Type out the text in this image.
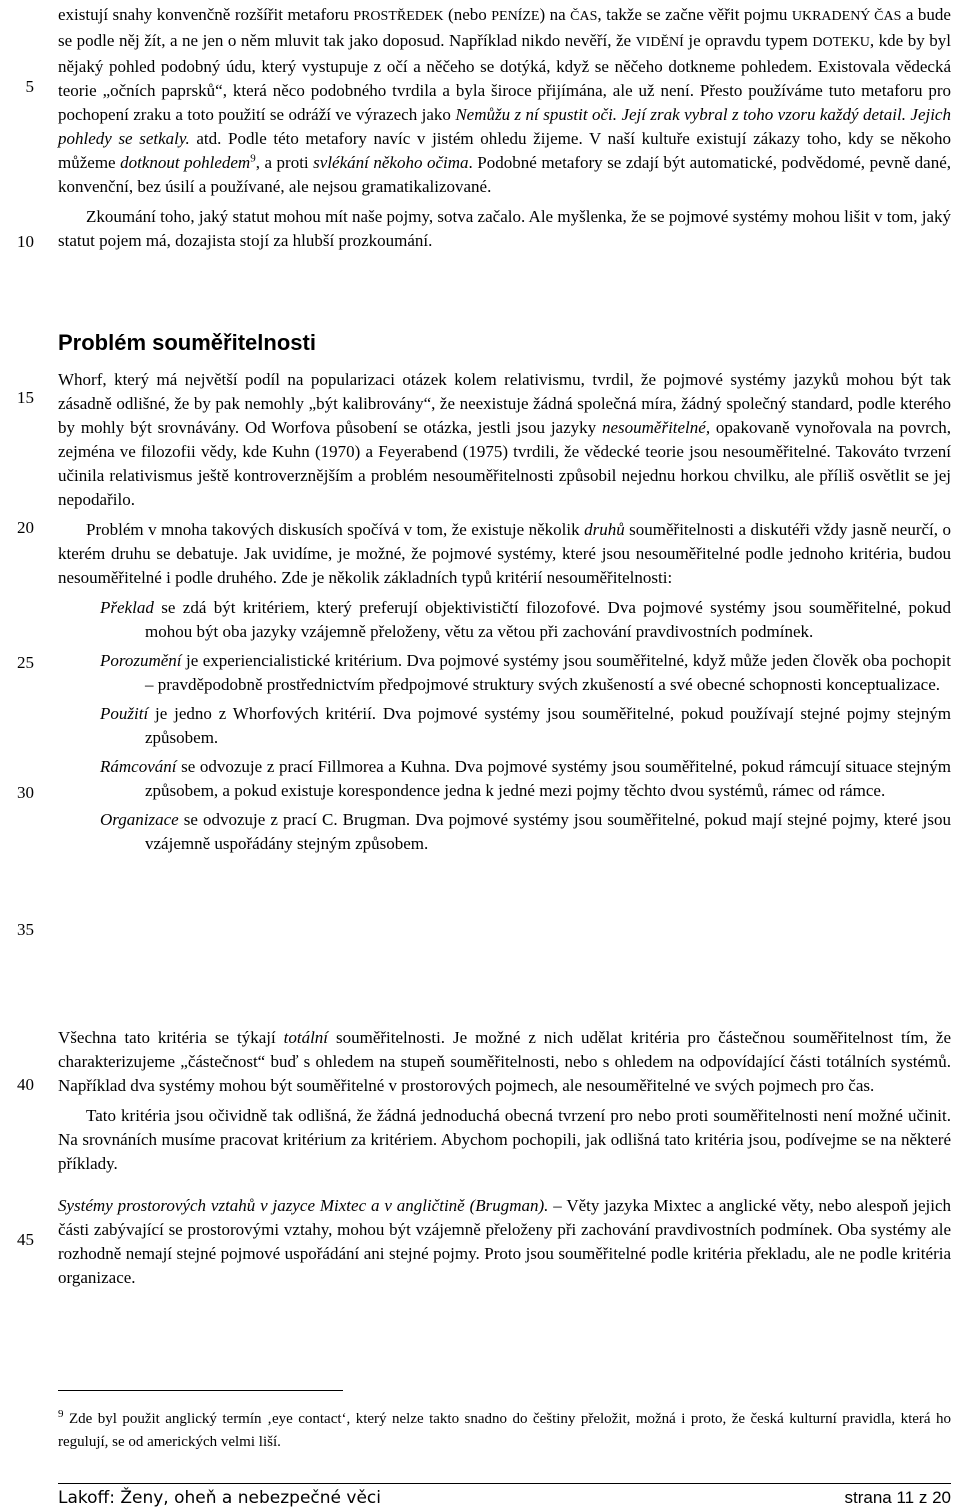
5
10
15
20
25
30
35
40
45

existují snahy konvenčně rozšířit metaforu PROSTŘEDEK (nebo PENÍZE) na ČAS, takže se začne věřit pojmu UKRADENÝ ČAS a bude se podle něj žít, a ne jen o něm mluvit tak jako doposud. Například nikdo nevěří, že VIDĚNÍ je opravdu typem DOTEKU, kde by byl nějaký pohled podobný údu, který vystupuje z očí a něčeho se dotýká, když se něčeho dotkneme pohledem. Existovala vědecká teorie „očních paprsků“, která něco podobného tvrdila a byla široce přijímána, ale už není. Přesto používáme tuto metaforu pro pochopení zraku a toto použití se odráží ve výrazech jako Nemůžu z ní spustit oči. Její zrak vybral z toho vzoru každý detail. Jejich pohledy se setkaly. atd. Podle této metafory navíc v jistém ohledu žijeme. V naší kultuře existují zákazy toho, kdy se někoho můžeme dotknout pohledem$^9$, a proti svlékání někoho očima. Podobné metafory se zdají být automatické, podvědomé, pevně dané, konvenční, bez úsilí a používané, ale nejsou gramatikalizované.

Zkoumání toho, jaký statut mohou mít naše pojmy, sotva začalo. Ale myšlenka, že se pojmové systémy mohou lišit v tom, jaký statut pojem má, dozajista stojí za hlubší prozkoumání.

Problém souměřitelnosti

Whorf, který má největší podíl na popularizaci otázek kolem relativismu, tvrdil, že pojmové systémy jazyků mohou být tak zásadně odlišné, že by pak nemohly „být kalibrovány“, že neexistuje žádná společná míra, žádný společný standard, podle kterého by mohly být srovnávány. Od Worfova působení se otázka, jestli jsou jazyky nesouměřitelné, opakovaně vynořovala na povrch, zejména ve filozofii vědy, kde Kuhn (1970) a Feyerabend (1975) tvrdili, že vědecké teorie jsou nesouměřitelné. Takováto tvrzení učinila relativismus ještě kontroverznějším a problém nesouměřitelnosti způsobil nejednu horkou chvilku, ale příliš osvětlit se jej nepodařilo.

Problém v mnoha takových diskusích spočívá v tom, že existuje několik druhů souměřitelnosti a diskutéři vždy jasně neurčí, o kterém druhu se debatuje. Jak uvidíme, je možné, že pojmové systémy, které jsou nesouměřitelné podle jednoho kritéria, budou nesouměřitelné i podle druhého. Zde je několik základních typů kritérií nesouměřitelnosti:

Překlad se zdá být kritériem, který preferují objektivističtí filozofové. Dva pojmové systémy jsou souměřitelné, pokud mohou být oba jazyky vzájemně přeloženy, větu za větou při zachování pravdivostních podmínek.

Porozumění je experiencialistické kritérium. Dva pojmové systémy jsou souměřitelné, když může jeden člověk oba pochopit – pravděpodobně prostřednictvím předpojmové struktury svých zkušeností a své obecné schopnosti konceptualizace.

Použití je jedno z Whorfových kritérií. Dva pojmové systémy jsou souměřitelné, pokud používají stejné pojmy stejným způsobem.

Rámcování se odvozuje z prací Fillmorea a Kuhna. Dva pojmové systémy jsou souměřitelné, pokud rámcují situace stejným způsobem, a pokud existuje korespondence jedna k jedné mezi pojmy těchto dvou systémů, rámec od rámce.

Organizace se odvozuje z prací C. Brugman. Dva pojmové systémy jsou souměřitelné, pokud mají stejné pojmy, které jsou vzájemně uspořádány stejným způsobem.

Všechna tato kritéria se týkají totální souměřitelnosti. Je možné z nich udělat kritéria pro částečnou souměřitelnost tím, že charakterizujeme „částečnost“ buď s ohledem na stupeň souměřitelnosti, nebo s ohledem na odpovídající části totálních systémů. Například dva systémy mohou být souměřitelné v prostorových pojmech, ale nesouměřitelné ve svých pojmech pro čas.

Tato kritéria jsou očividně tak odlišná, že žádná jednoduchá obecná tvrzení pro nebo proti souměřitelnosti není možné učinit. Na srovnáních musíme pracovat kritérium za kritériem. Abychom pochopili, jak odlišná tato kritéria jsou, podívejme se na některé příklady.

Systémy prostorových vztahů v jazyce Mixtec a v angličtině (Brugman). – Věty jazyka Mixtec a anglické věty, nebo alespoň jejich části zabývající se prostorovými vztahy, mohou být vzájemně přeloženy při zachování pravdivostních podmínek. Oba systémy ale rozhodně nemají stejné pojmové uspořádání ani stejné pojmy. Proto jsou souměřitelné podle kritéria překladu, ale ne podle kritéria organizace.

$^9$ Zde byl použit anglický termín ‚eye contact‘, který nelze takto snadno do češtiny přeložit, možná i proto, že česká kulturní pravidla, která ho regulují, se od amerických velmi liší.

Lakoff: Ženy, oheň a nebezpečné věci	strana 11 z 20
